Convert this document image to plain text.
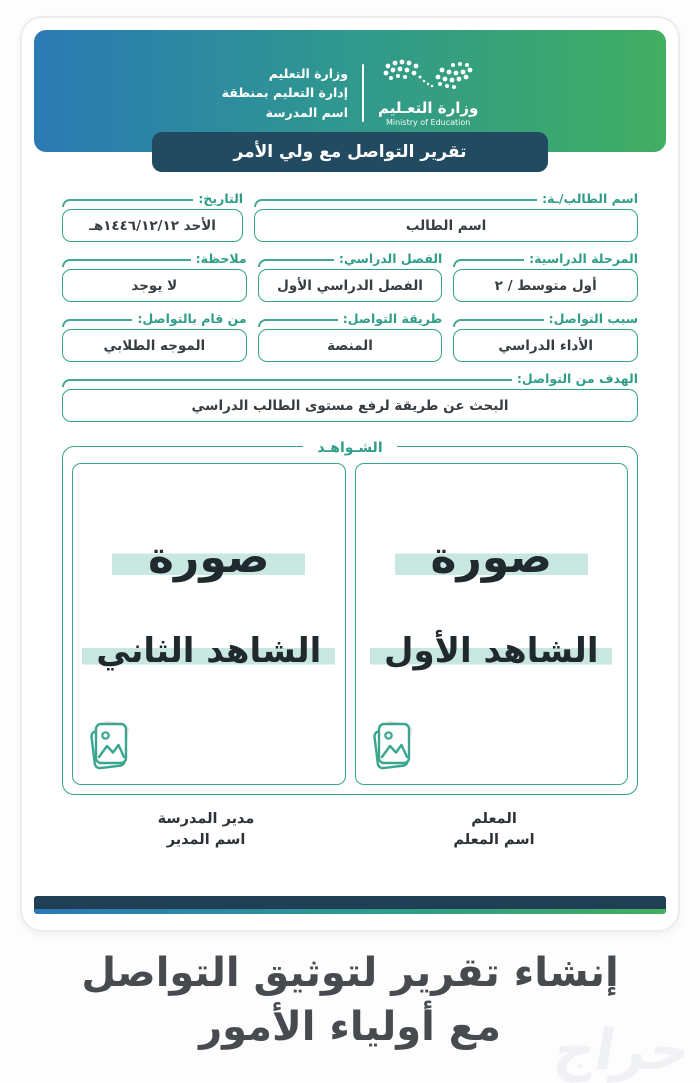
وزارة التعـليم
Ministry of Education
وزارة التعليم
إدارة التعليم بمنطقة
اسم المدرسة
تقرير التواصل مع ولي الأمر
اسم الطالب/ـة:
اسم الطالب
التاريخ:
الأحد ١٤٤٦/١٢/١٢هـ
المرحلة الدراسية:
أول متوسط / ٢
الفصل الدراسي:
الفصل الدراسي الأول
ملاحظة:
لا يوجد
سبب التواصل:
الأداء الدراسي
طريقة التواصل:
المنصة
من قام بالتواصل:
الموجه الطلابي
الهدف من التواصل:
البحث عن طريقة لرفع مستوى الطالب الدراسي
الشـواهـد
صورة
الشاهد الأول
صورة
الشاهد الثاني
المعلم
اسم المعلم
مدير المدرسة
اسم المدير
إنشاء تقرير لتوثيق التواصل
مع أولياء الأمور حراج
